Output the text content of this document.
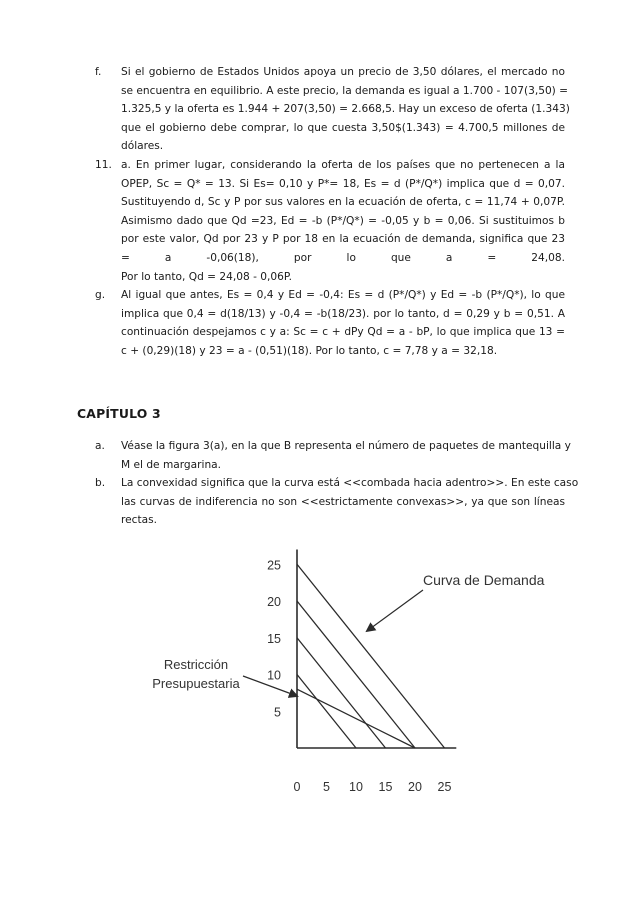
f. Si el gobierno de Estados Unidos apoya un precio de 3,50 dólares, el mercado no
se encuentra en equilibrio. A este precio, la demanda es igual a 1.700 - 107(3,50) =
1.325,5 y la oferta es 1.944 + 207(3,50) = 2.668,5. Hay un exceso de oferta (1.343)
que el gobierno debe comprar, lo que cuesta 3,50$(1.343) = 4.700,5 millones de
dólares.
11. a. En primer lugar, considerando la oferta de los países que no pertenecen a la
OPEP, Sc = Q* = 13. Si Es= 0,10 y P*= 18, Es = d (P*/Q*) implica que d = 0,07.
Sustituyendo d, Sc y P por sus valores en la ecuación de oferta, c = 11,74 + 0,07P.
Asimismo dado que Qd =23, Ed = -b (P*/Q*) = -0,05 y b = 0,06. Si sustituimos b
por este valor, Qd por 23 y P por 18 en la ecuación de demanda, significa que 23
= a -0,06(18), por lo que a = 24,08.
Por lo tanto, Qd = 24,08 - 0,06P.
g. Al igual que antes, Es = 0,4 y Ed = -0,4: Es = d (P*/Q*) y Ed = -b (P*/Q*), lo que
implica que 0,4 = d(18/13) y -0,4 = -b(18/23). por lo tanto, d = 0,29 y b = 0,51. A
continuación despejamos c y a: Sc = c + dPy Qd = a - bP, lo que implica que 13 =
c + (0,29)(18) y 23 = a - (0,51)(18). Por lo tanto, c = 7,78 y a = 32,18.
CAPÍTULO 3
a. Véase la figura 3(a), en la que B representa el número de paquetes de mantequilla y
M el de margarina.
b. La convexidad significa que la curva está <<combada hacia adentro>>. En este caso
las curvas de indiferencia no son <<estrictamente convexas>>, ya que son líneas
rectas.
5
10
15
20
25
0 5 10 15 20 25
Curva de Demanda
Restricción
Presupuestaria
